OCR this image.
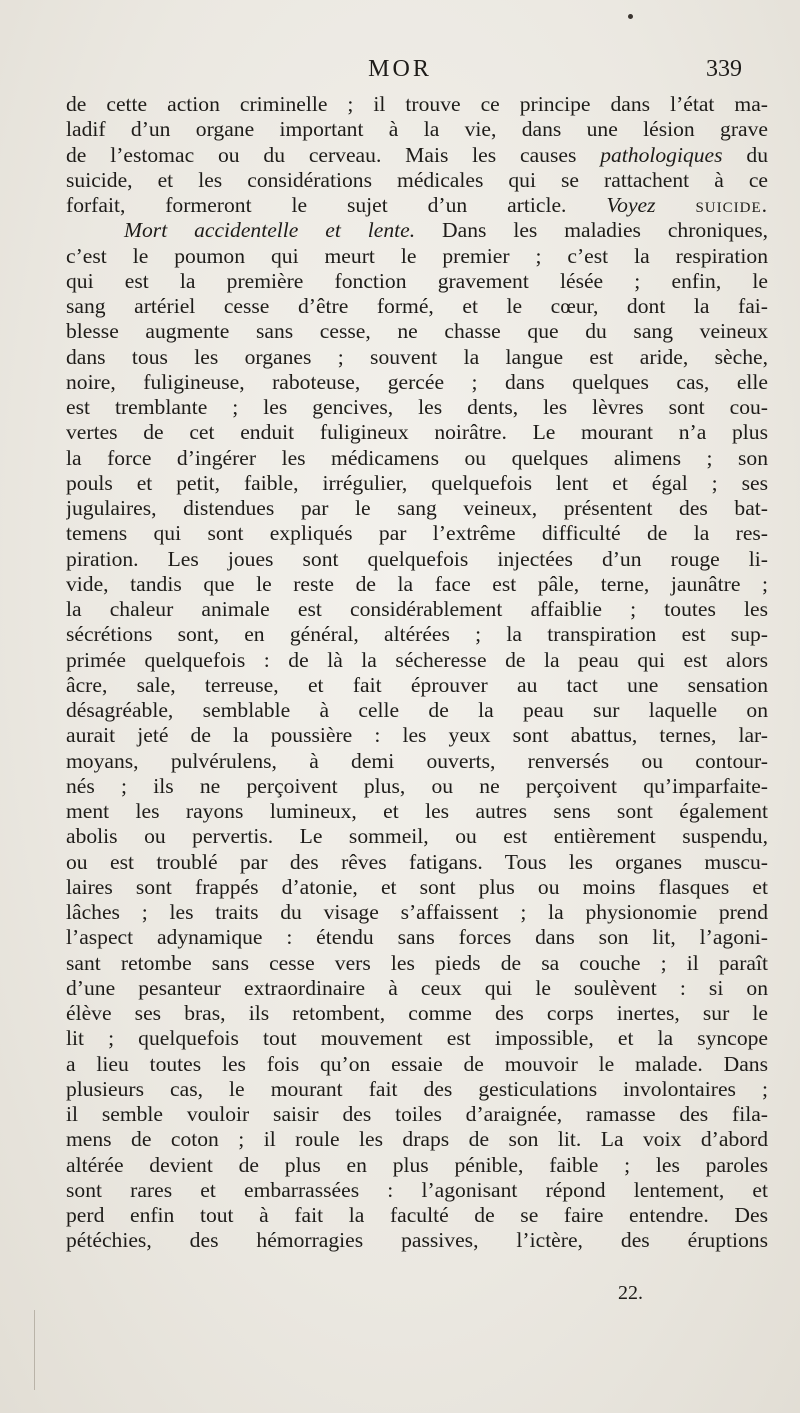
MOR	339
de cette action criminelle ; il trouve ce principe dans l’état ma-
ladif d’un organe important à la vie, dans une lésion grave
de l’estomac ou du cerveau. Mais les causes pathologiques du
suicide, et les considérations médicales qui se rattachent à ce
forfait, formeront le sujet d’un article. Voyez suicide.
Mort accidentelle et lente. Dans les maladies chroniques,
c’est le poumon qui meurt le premier ; c’est la respiration
qui est la première fonction gravement lésée ; enfin, le
sang artériel cesse d’être formé, et le cœur, dont la fai-
blesse augmente sans cesse, ne chasse que du sang veineux
dans tous les organes ; souvent la langue est aride, sèche,
noire, fuligineuse, raboteuse, gercée ; dans quelques cas, elle
est tremblante ; les gencives, les dents, les lèvres sont cou-
vertes de cet enduit fuligineux noirâtre. Le mourant n’a plus
la force d’ingérer les médicamens ou quelques alimens ; son
pouls et petit, faible, irrégulier, quelquefois lent et égal ; ses
jugulaires, distendues par le sang veineux, présentent des bat-
temens qui sont expliqués par l’extrême difficulté de la res-
piration. Les joues sont quelquefois injectées d’un rouge li-
vide, tandis que le reste de la face est pâle, terne, jaunâtre ;
la chaleur animale est considérablement affaiblie ; toutes les
sécrétions sont, en général, altérées ; la transpiration est sup-
primée quelquefois : de là la sécheresse de la peau qui est alors
âcre, sale, terreuse, et fait éprouver au tact une sensation
désagréable, semblable à celle de la peau sur laquelle on
aurait jeté de la poussière : les yeux sont abattus, ternes, lar-
moyans, pulvérulens, à demi ouverts, renversés ou contour-
nés ; ils ne perçoivent plus, ou ne perçoivent qu’imparfaite-
ment les rayons lumineux, et les autres sens sont également
abolis ou pervertis. Le sommeil, ou est entièrement suspendu,
ou est troublé par des rêves fatigans. Tous les organes muscu-
laires sont frappés d’atonie, et sont plus ou moins flasques et
lâches ; les traits du visage s’affaissent ; la physionomie prend
l’aspect adynamique : étendu sans forces dans son lit, l’agoni-
sant retombe sans cesse vers les pieds de sa couche ; il paraît
d’une pesanteur extraordinaire à ceux qui le soulèvent : si on
élève ses bras, ils retombent, comme des corps inertes, sur le
lit ; quelquefois tout mouvement est impossible, et la syncope
a lieu toutes les fois qu’on essaie de mouvoir le malade. Dans
plusieurs cas, le mourant fait des gesticulations involontaires ;
il semble vouloir saisir des toiles d’araignée, ramasse des fila-
mens de coton ; il roule les draps de son lit. La voix d’abord
altérée devient de plus en plus pénible, faible ; les paroles
sont rares et embarrassées : l’agonisant répond lentement, et
perd enfin tout à fait la faculté de se faire entendre. Des
pétéchies, des hémorragies passives, l’ictère, des éruptions
22.
